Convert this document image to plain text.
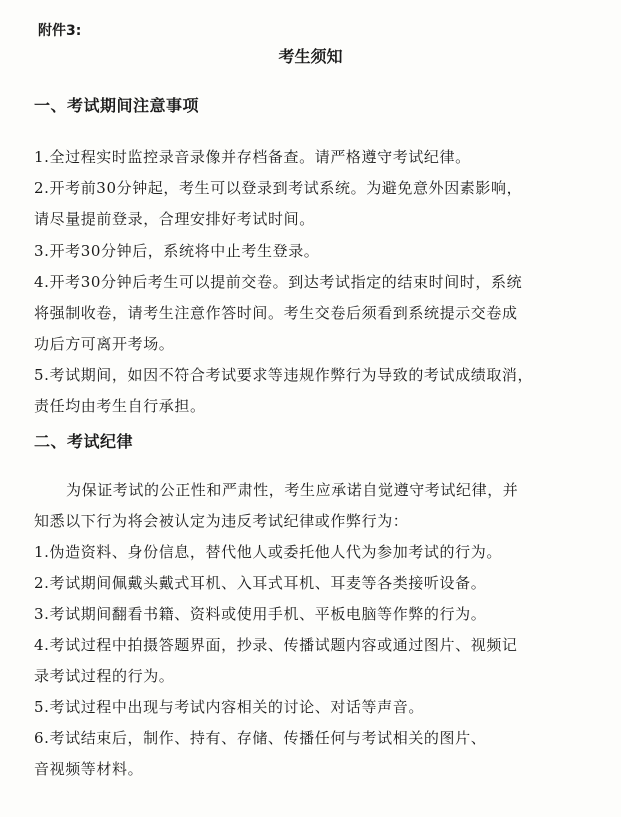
附件3:
考生须知
一、考试期间注意事项
1.全过程实时监控录音录像并存档备查。请严格遵守考试纪律。
2.开考前30分钟起，考生可以登录到考试系统。为避免意外因素影响，
请尽量提前登录，合理安排好考试时间。
3.开考30分钟后，系统将中止考生登录。
4.开考30分钟后考生可以提前交卷。到达考试指定的结束时间时，系统
将强制收卷，请考生注意作答时间。考生交卷后须看到系统提示交卷成
功后方可离开考场。
5.考试期间，如因不符合考试要求等违规作弊行为导致的考试成绩取消，
责任均由考生自行承担。
二、考试纪律
为保证考试的公正性和严肃性，考生应承诺自觉遵守考试纪律，并
知悉以下行为将会被认定为违反考试纪律或作弊行为：
1.伪造资料、身份信息，替代他人或委托他人代为参加考试的行为。
2.考试期间佩戴头戴式耳机、入耳式耳机、耳麦等各类接听设备。
3.考试期间翻看书籍、资料或使用手机、平板电脑等作弊的行为。
4.考试过程中拍摄答题界面，抄录、传播试题内容或通过图片、视频记
录考试过程的行为。
5.考试过程中出现与考试内容相关的讨论、对话等声音。
6.考试结束后，制作、持有、存储、传播任何与考试相关的图片、
音视频等材料。
